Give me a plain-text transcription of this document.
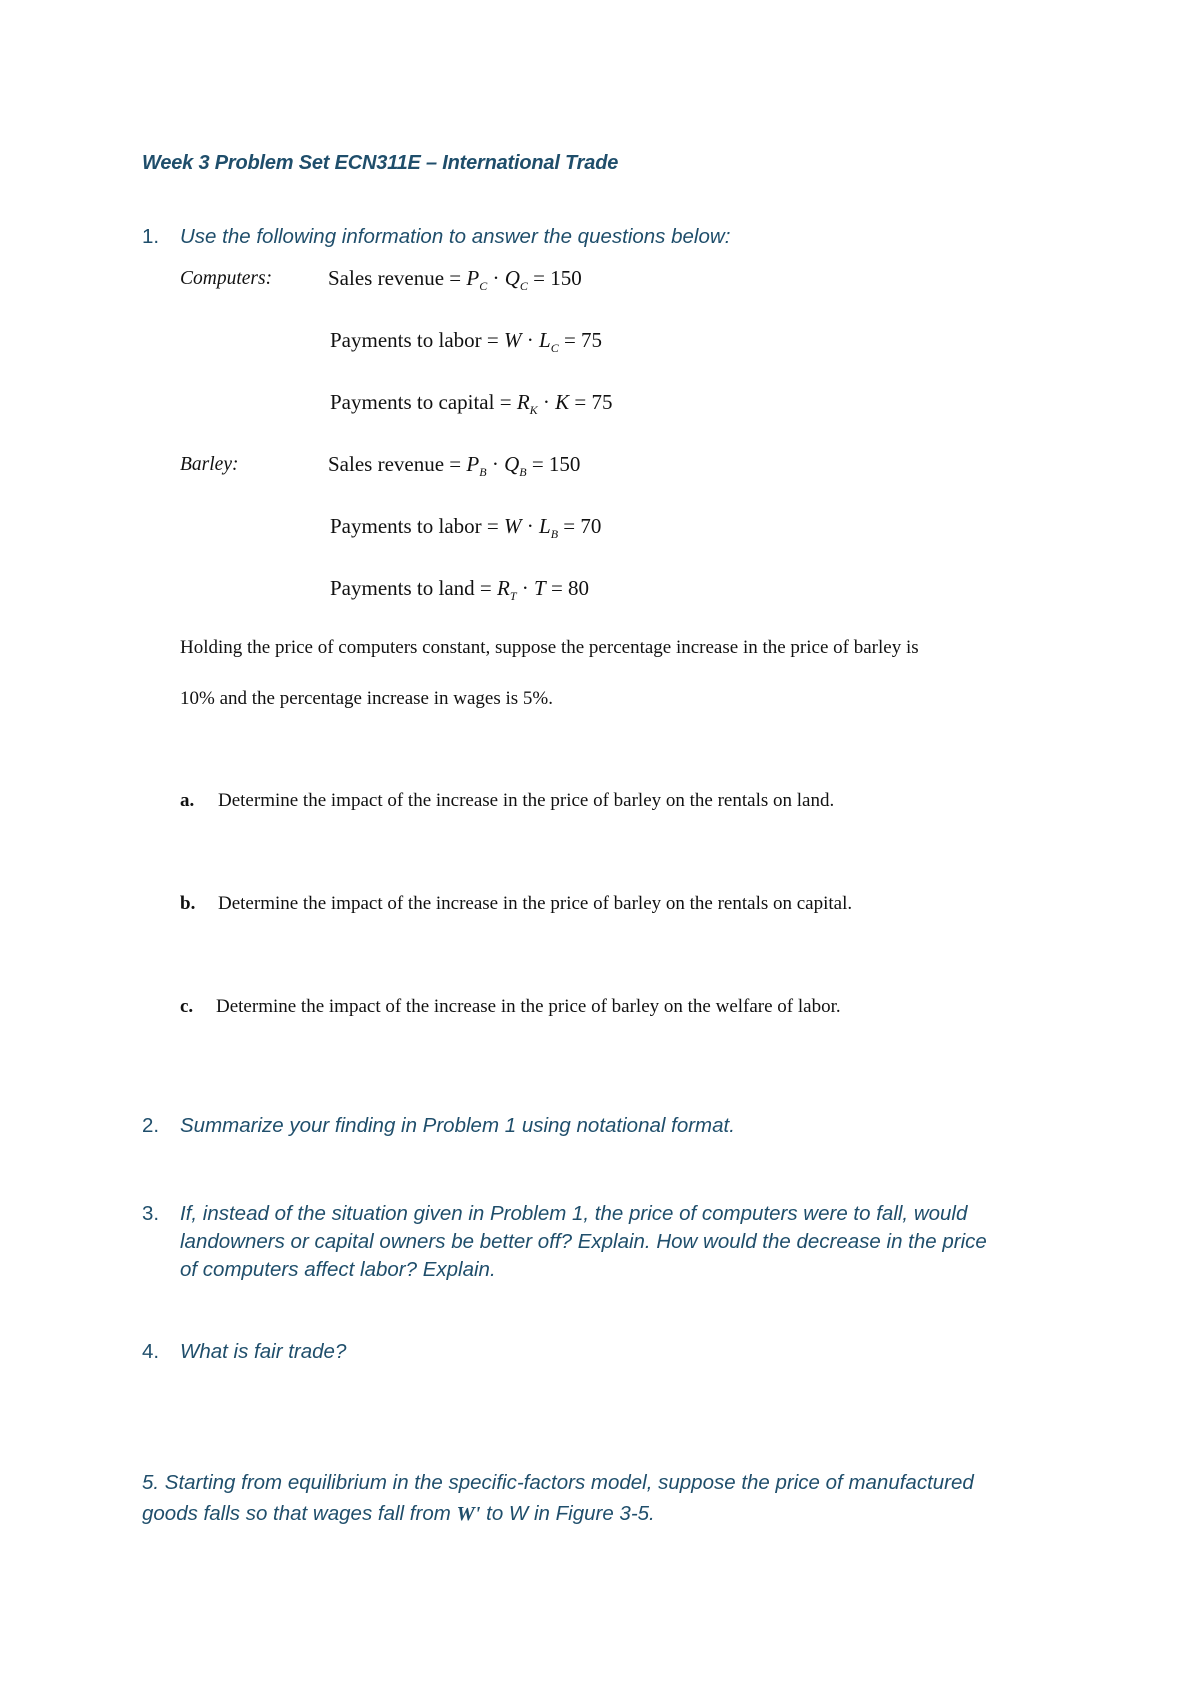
Week 3 Problem Set ECN311E – International Trade
1. Use the following information to answer the questions below:
Computers:	Sales revenue = $P_C \cdot Q_C = 150$
Payments to labor = $W \cdot L_C = 75$
Payments to capital = $R_K \cdot K = 75$
Barley:	Sales revenue = $P_B \cdot Q_B = 150$
Payments to labor = $W \cdot L_B = 70$
Payments to land = $R_T \cdot T = 80$
Holding the price of computers constant, suppose the percentage increase in the price of barley is
10% and the percentage increase in wages is 5%.
a. Determine the impact of the increase in the price of barley on the rentals on land.
b. Determine the impact of the increase in the price of barley on the rentals on capital.
c. Determine the impact of the increase in the price of barley on the welfare of labor.
2. Summarize your finding in Problem 1 using notational format.
3. If, instead of the situation given in Problem 1, the price of computers were to fall, would
landowners or capital owners be better off? Explain. How would the decrease in the price
of computers affect labor? Explain.
4. What is fair trade?
5. Starting from equilibrium in the specific-factors model, suppose the price of manufactured
goods falls so that wages fall from W' to W in Figure 3-5.
